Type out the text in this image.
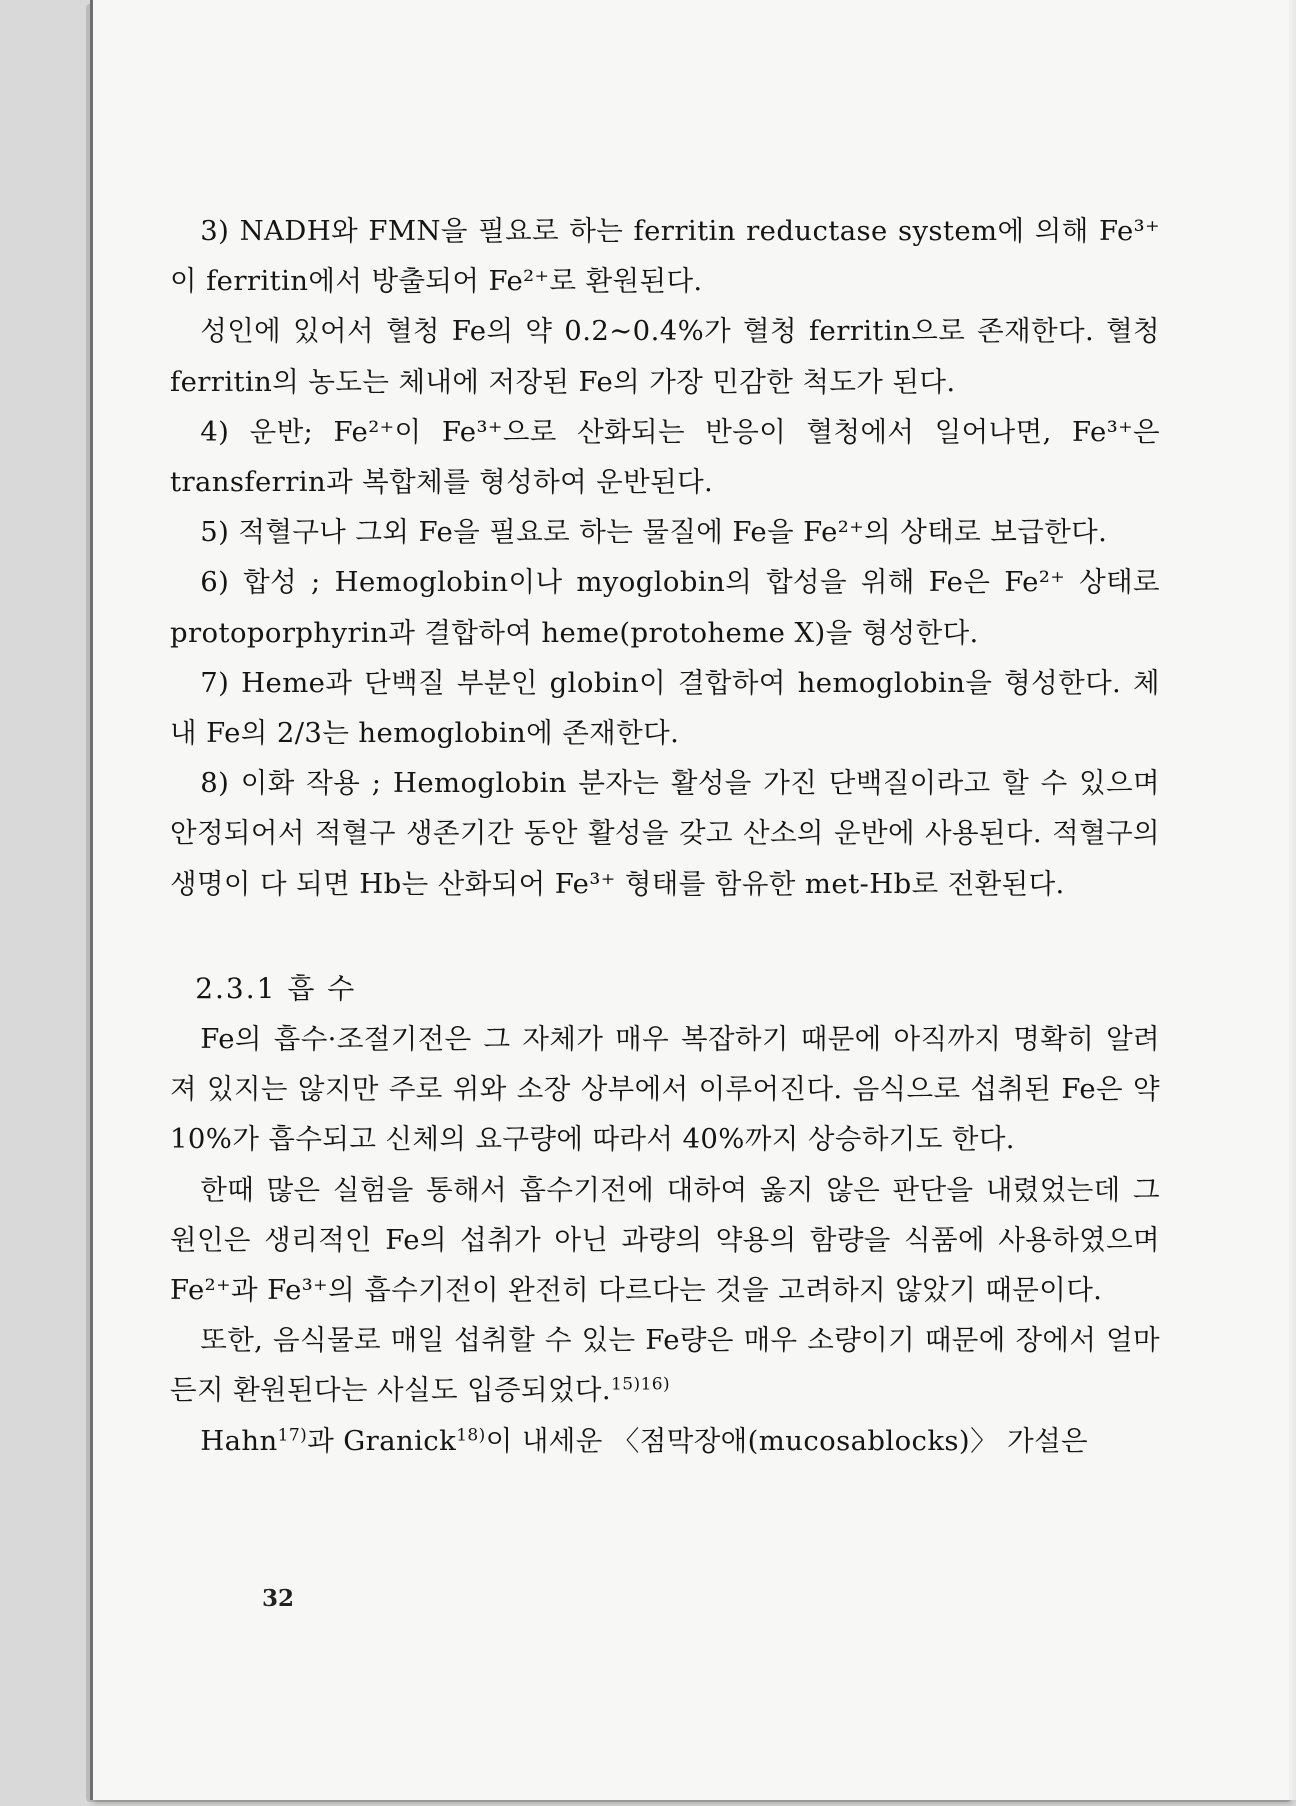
3) NADH와 FMN을 필요로 하는 ferritin reductase system에 의해 Fe³⁺이 ferritin에서 방출되어 Fe²⁺로 환원된다.

성인에 있어서 혈청 Fe의 약 0.2∼0.4%가 혈청 ferritin으로 존재한다. 혈청 ferritin의 농도는 체내에 저장된 Fe의 가장 민감한 척도가 된다.

4) 운반; Fe²⁺이 Fe³⁺으로 산화되는 반응이 혈청에서 일어나면, Fe³⁺은 transferrin과 복합체를 형성하여 운반된다.

5) 적혈구나 그외 Fe을 필요로 하는 물질에 Fe을 Fe²⁺의 상태로 보급한다.

6) 합성 ; Hemoglobin이나 myoglobin의 합성을 위해 Fe은 Fe²⁺ 상태로 protoporphyrin과 결합하여 heme(protoheme X)을 형성한다.

7) Heme과 단백질 부분인 globin이 결합하여 hemoglobin을 형성한다. 체내 Fe의 2/3는 hemoglobin에 존재한다.

8) 이화 작용 ; Hemoglobin 분자는 활성을 가진 단백질이라고 할 수 있으며 안정되어서 적혈구 생존기간 동안 활성을 갖고 산소의 운반에 사용된다. 적혈구의 생명이 다 되면 Hb는 산화되어 Fe³⁺ 형태를 함유한 met-Hb로 전환된다.

2.3.1 흡 수

Fe의 흡수·조절기전은 그 자체가 매우 복잡하기 때문에 아직까지 명확히 알려져 있지는 않지만 주로 위와 소장 상부에서 이루어진다. 음식으로 섭취된 Fe은 약 10%가 흡수되고 신체의 요구량에 따라서 40%까지 상승하기도 한다.

한때 많은 실험을 통해서 흡수기전에 대하여 옳지 않은 판단을 내렸었는데 그 원인은 생리적인 Fe의 섭취가 아닌 과량의 약용의 함량을 식품에 사용하였으며 Fe²⁺과 Fe³⁺의 흡수기전이 완전히 다르다는 것을 고려하지 않았기 때문이다.

또한, 음식물로 매일 섭취할 수 있는 Fe량은 매우 소량이기 때문에 장에서 얼마든지 환원된다는 사실도 입증되었다.$^{15)16)}$

Hahn$^{17)}$과 Granick$^{18)}$이 내세운 〈점막장애(mucosablocks)〉 가설은

32
